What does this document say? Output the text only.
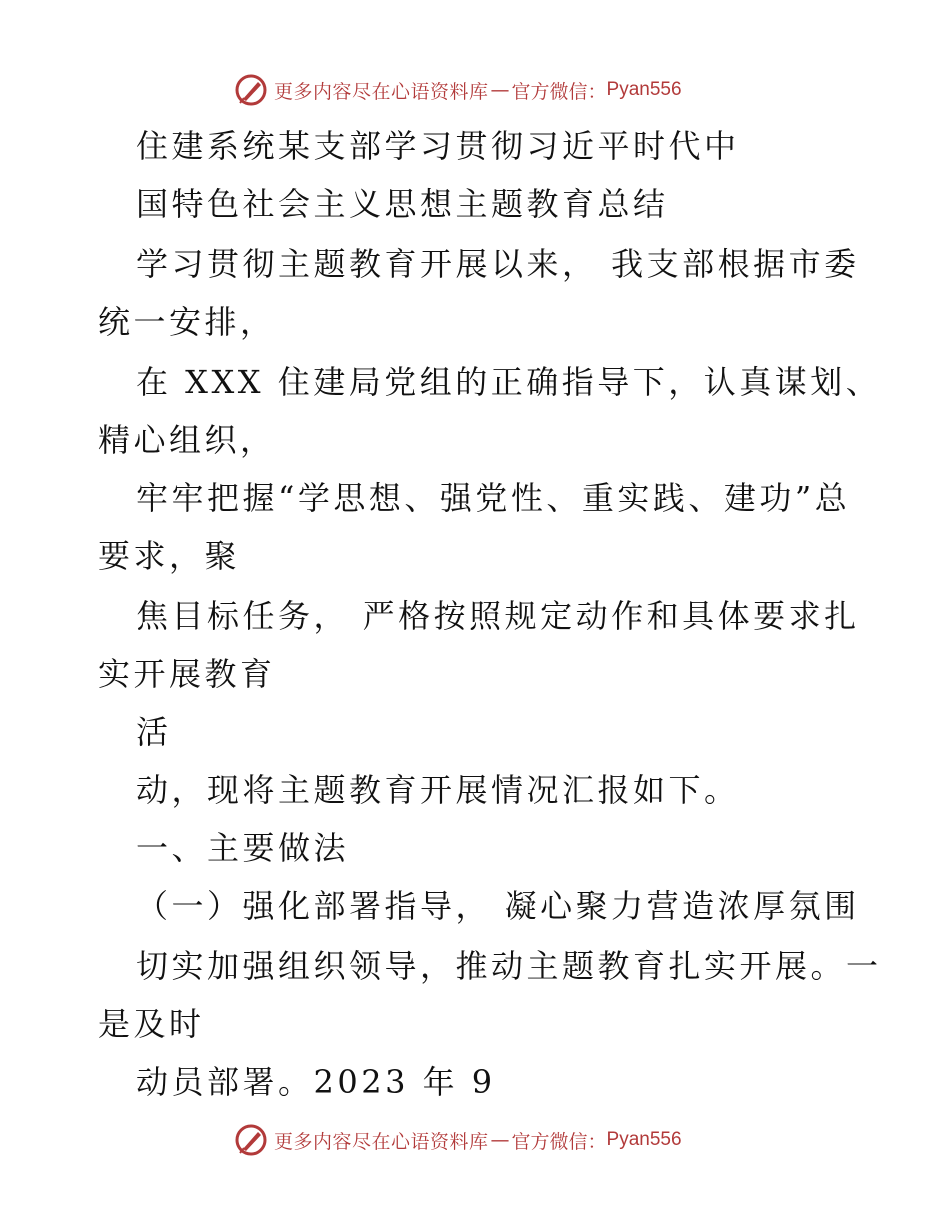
更多内容尽在心语资料库 — 官方微信： Pyan556
住建系统某支部学习贯彻习近平时代中
国特色社会主义思想主题教育总结
学习贯彻主题教育开展以来， 我支部根据市委
统一安排，
在 XXX 住建局党组的正确指导下，认真谋划、
精心组织，
牢牢把握“学思想、强党性、重实践、建功”总
要求，聚
焦目标任务， 严格按照规定动作和具体要求扎
实开展教育
活
动，现将主题教育开展情况汇报如下。
一、主要做法
（一）强化部署指导， 凝心聚力营造浓厚氛围
切实加强组织领导，推动主题教育扎实开展。一
是及时
动员部署。2023 年 9
更多内容尽在心语资料库 — 官方微信： Pyan556
